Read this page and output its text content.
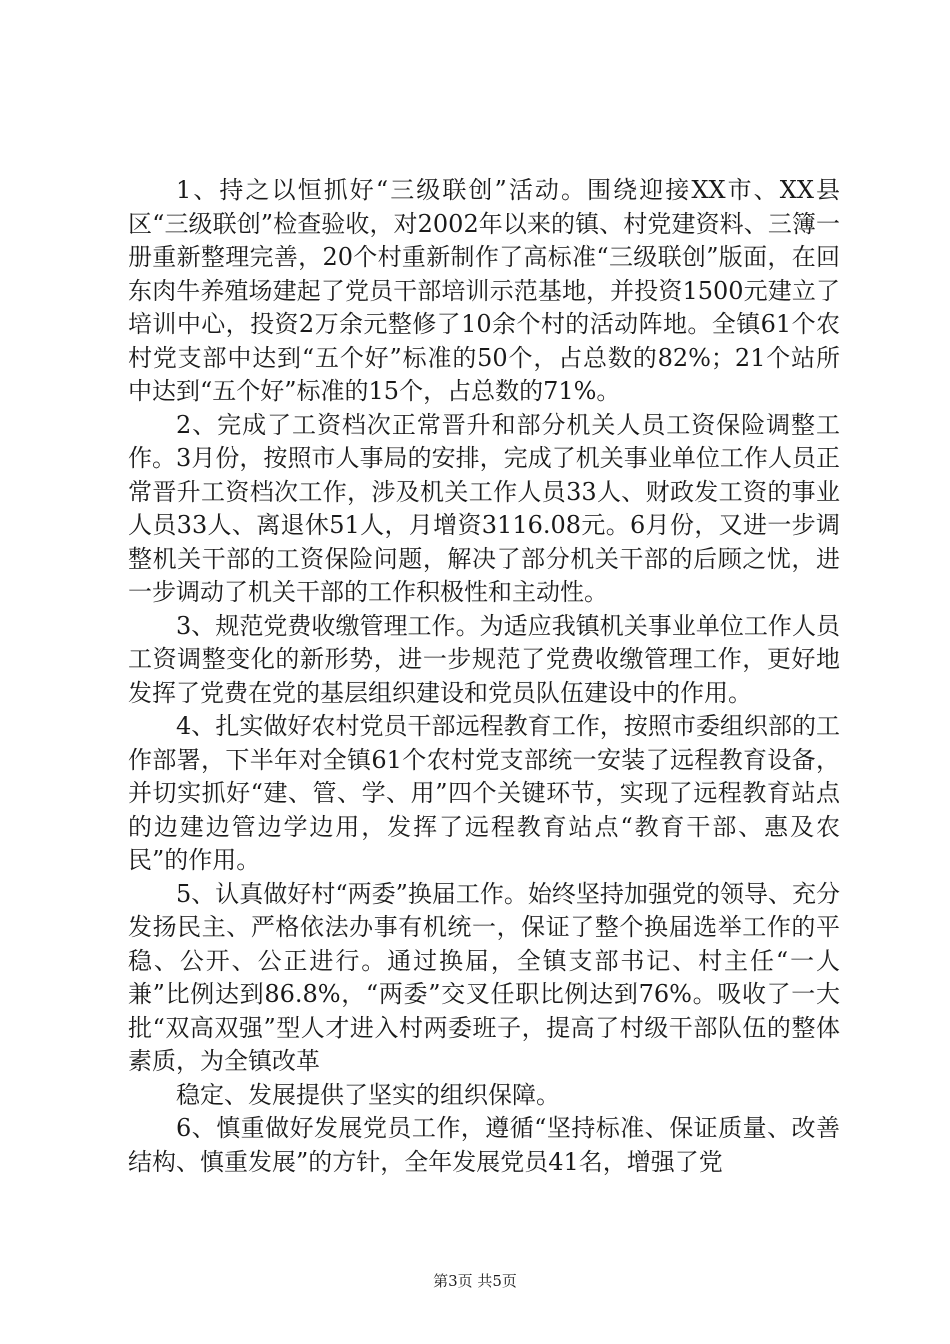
1、持之以恒抓好“三级联创”活动。围绕迎接XX市、XX县区“三级联创”检查验收，对2002年以来的镇、村党建资料、三簿一册重新整理完善，20个村重新制作了高标准“三级联创”版面，在回东肉牛养殖场建起了党员干部培训示范基地，并投资1500元建立了培训中心，投资2万余元整修了10余个村的活动阵地。全镇61个农村党支部中达到“五个好”标准的50个，占总数的82%；21个站所中达到“五个好”标准的15个，占总数的71%。

2、完成了工资档次正常晋升和部分机关人员工资保险调整工作。3月份，按照市人事局的安排，完成了机关事业单位工作人员正常晋升工资档次工作，涉及机关工作人员33人、财政发工资的事业人员33人、离退休51人，月增资3116.08元。6月份，又进一步调整机关干部的工资保险问题，解决了部分机关干部的后顾之忧，进一步调动了机关干部的工作积极性和主动性。

3、规范党费收缴管理工作。为适应我镇机关事业单位工作人员工资调整变化的新形势，进一步规范了党费收缴管理工作，更好地发挥了党费在党的基层组织建设和党员队伍建设中的作用。

4、扎实做好农村党员干部远程教育工作，按照市委组织部的工作部署，下半年对全镇61个农村党支部统一安装了远程教育设备，并切实抓好“建、管、学、用”四个关键环节，实现了远程教育站点的边建边管边学边用，发挥了远程教育站点“教育干部、惠及农民”的作用。

5、认真做好村“两委”换届工作。始终坚持加强党的领导、充分发扬民主、严格依法办事有机统一，保证了整个换届选举工作的平稳、公开、公正进行。通过换届，全镇支部书记、村主任“一人兼”比例达到86.8%，“两委”交叉任职比例达到76%。吸收了一大批“双高双强”型人才进入村两委班子，提高了村级干部队伍的整体素质，为全镇改革

稳定、发展提供了坚实的组织保障。

6、慎重做好发展党员工作，遵循“坚持标准、保证质量、改善结构、慎重发展”的方针，全年发展党员41名，增强了党

第3页 共5页
